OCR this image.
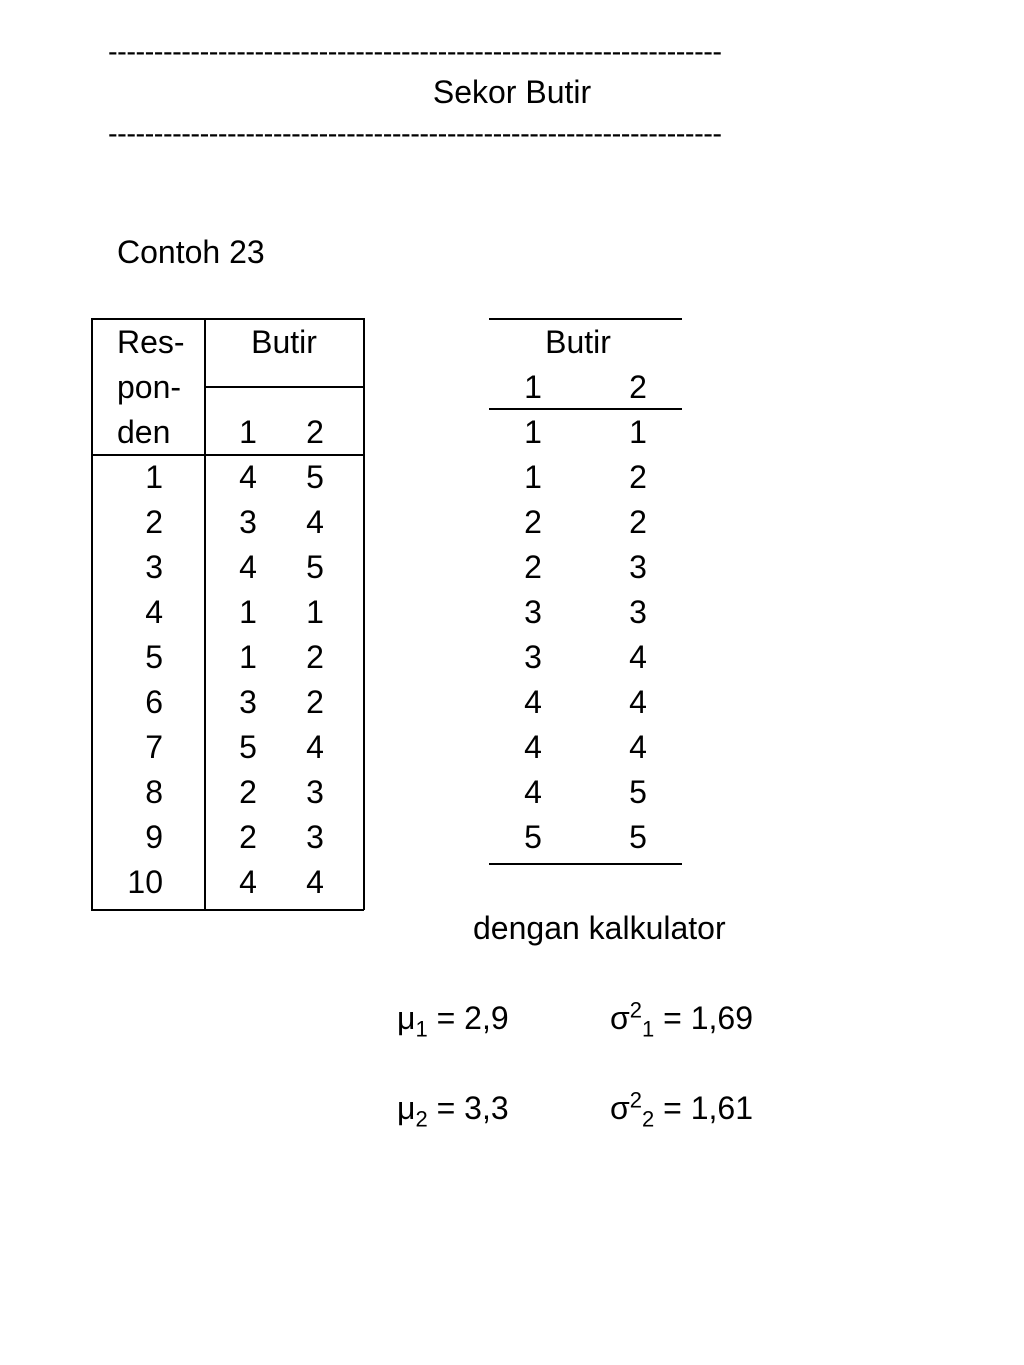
-------------------------------------------------------------------
Sekor Butir
-------------------------------------------------------------------
Contoh 23
Res-
pon-
den
Butir
1	2
1	4	5
2	3	4
3	4	5
4	1	1
5	1	2
6	3	2
7	5	4
8	2	3
9	2	3
10	4	4
Butir
1	2
1	1
1	2
2	2
2	3
3	3
3	4
4	4
4	4
4	5
5	5
dengan kalkulator
$\mu_1 = 2,9$	$\sigma^2_1 = 1,69$
$\mu_2 = 3,3$	$\sigma^2_2 = 1,61$
